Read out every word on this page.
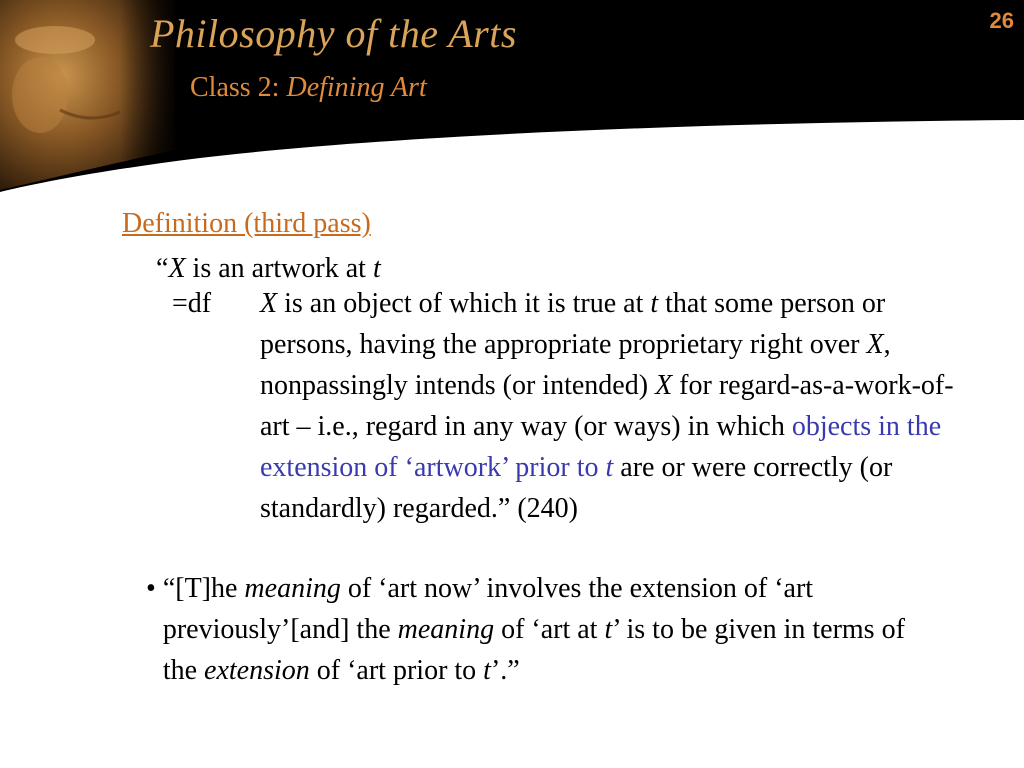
Philosophy of the Arts
Class 2: Defining Art
26
Definition (third pass)
“X is an artwork at t
=df X is an object of which it is true at t that some person or persons, having the appropriate proprietary right over X, nonpassingly intends (or intended) X for regard-as-a-work-of-art – i.e., regard in any way (or ways) in which objects in the extension of ‘artwork’ prior to t are or were correctly (or standardly) regarded.” (240)
• “[T]he meaning of ‘art now’ involves the extension of ‘art previously’[and] the meaning of ‘art at t’ is to be given in terms of the extension of ‘art prior to t’.”
